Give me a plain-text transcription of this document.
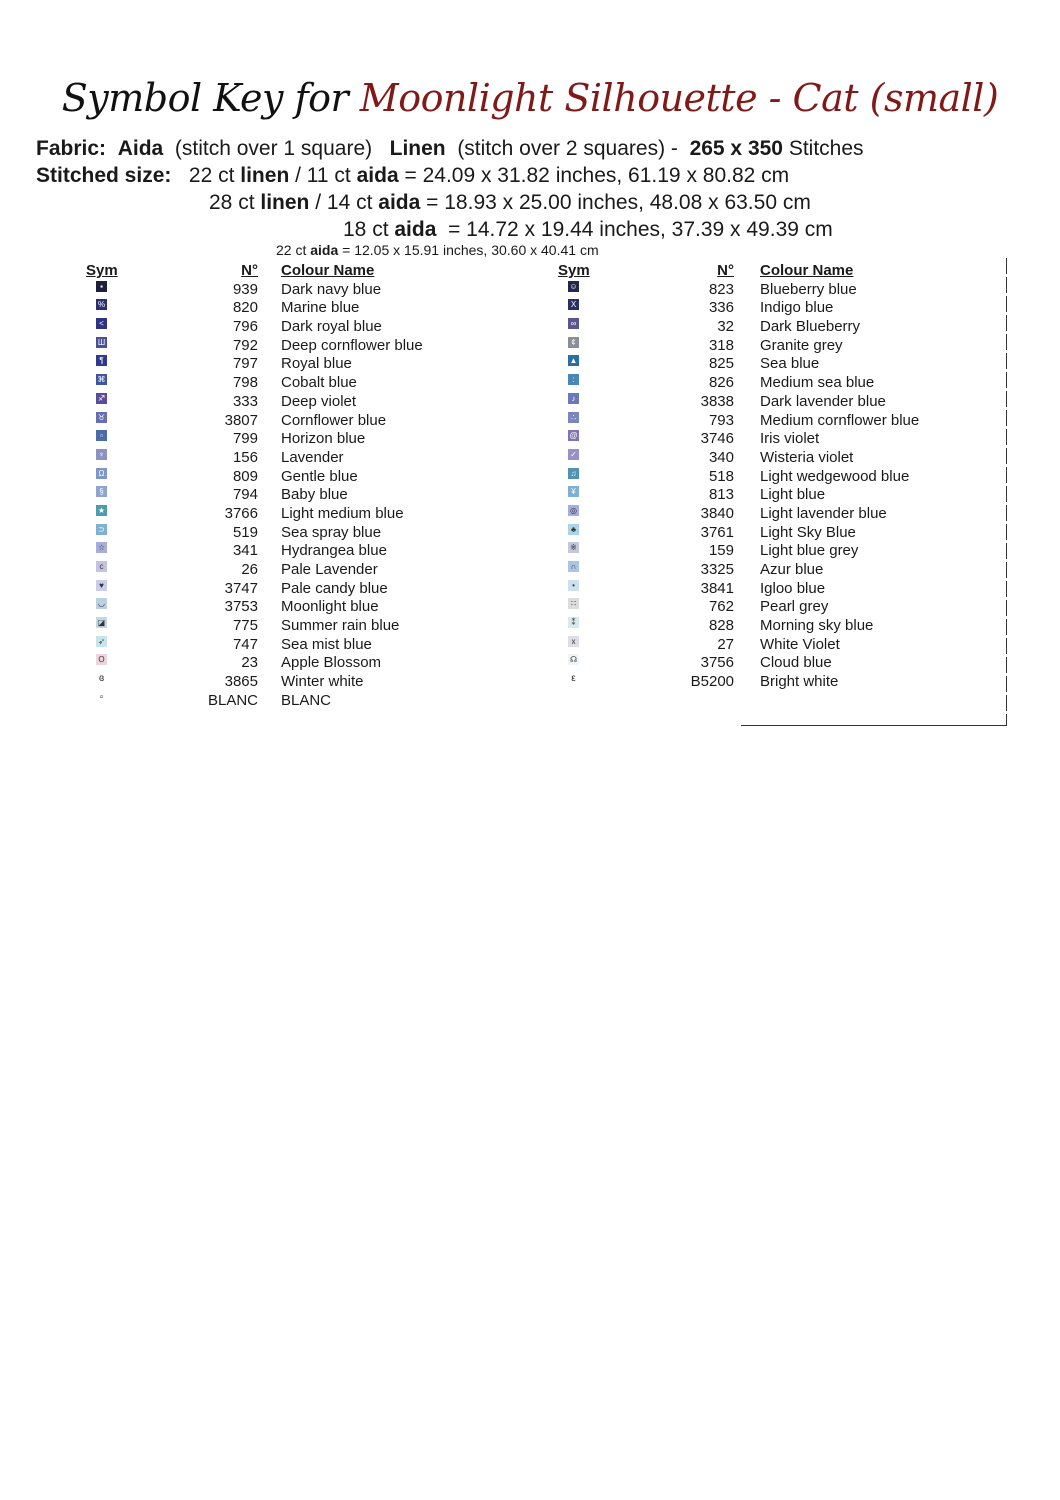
Symbol Key for Moonlight Silhouette - Cat (small)
Fabric: Aida (stitch over 1 square) Linen (stitch over 2 squares) - 265 x 350 Stitches
Stitched size: 22 ct linen / 11 ct aida = 24.09 x 31.82 inches, 61.19 x 80.82 cm
28 ct linen / 14 ct aida = 18.93 x 25.00 inches, 48.08 x 63.50 cm
18 ct aida  = 14.72 x 19.44 inches, 37.39 x 49.39 cm
22 ct aida = 12.05 x 15.91 inches, 30.60 x 40.41 cm
Sym	N° Colour Name
▪	939 Dark navy blue
%	820 Marine blue
<	796 Dark royal blue
Ш	792 Deep cornflower blue
¶	797 Royal blue
⌘	798 Cobalt blue
♐	333 Deep violet
♉	3807 Cornflower blue
▫	799 Horizon blue
♆	156 Lavender
Ω	809 Gentle blue
§	794 Baby blue
★	3766 Light medium blue
⊃	519 Sea spray blue
☆	341 Hydrangea blue
c	26 Pale Lavender
♥	3747 Pale candy blue
◡	3753 Moonlight blue
◪	775 Summer rain blue
➶	747 Sea mist blue
O	23 Apple Blossom
ɞ	3865 Winter white
▫	BLANC BLANC
Sym	N° Colour Name
☺	823 Blueberry blue
X	336 Indigo blue
∞	32 Dark Blueberry
¢	318 Granite grey
▲	825 Sea blue
:	826 Medium sea blue
♪	3838 Dark lavender blue
∴	793 Medium cornflower blue
@	3746 Iris violet
✓	340 Wisteria violet
♫	518 Light wedgewood blue
¥	813 Light blue
◎	3840 Light lavender blue
♣	3761 Light Sky Blue
※	159 Light blue grey
∩	3325 Azur blue
•	3841 Igloo blue
∷	762 Pearl grey
⁑	828 Morning sky blue
x	27 White Violet
☊	3756 Cloud blue
ε	B5200 Bright white
